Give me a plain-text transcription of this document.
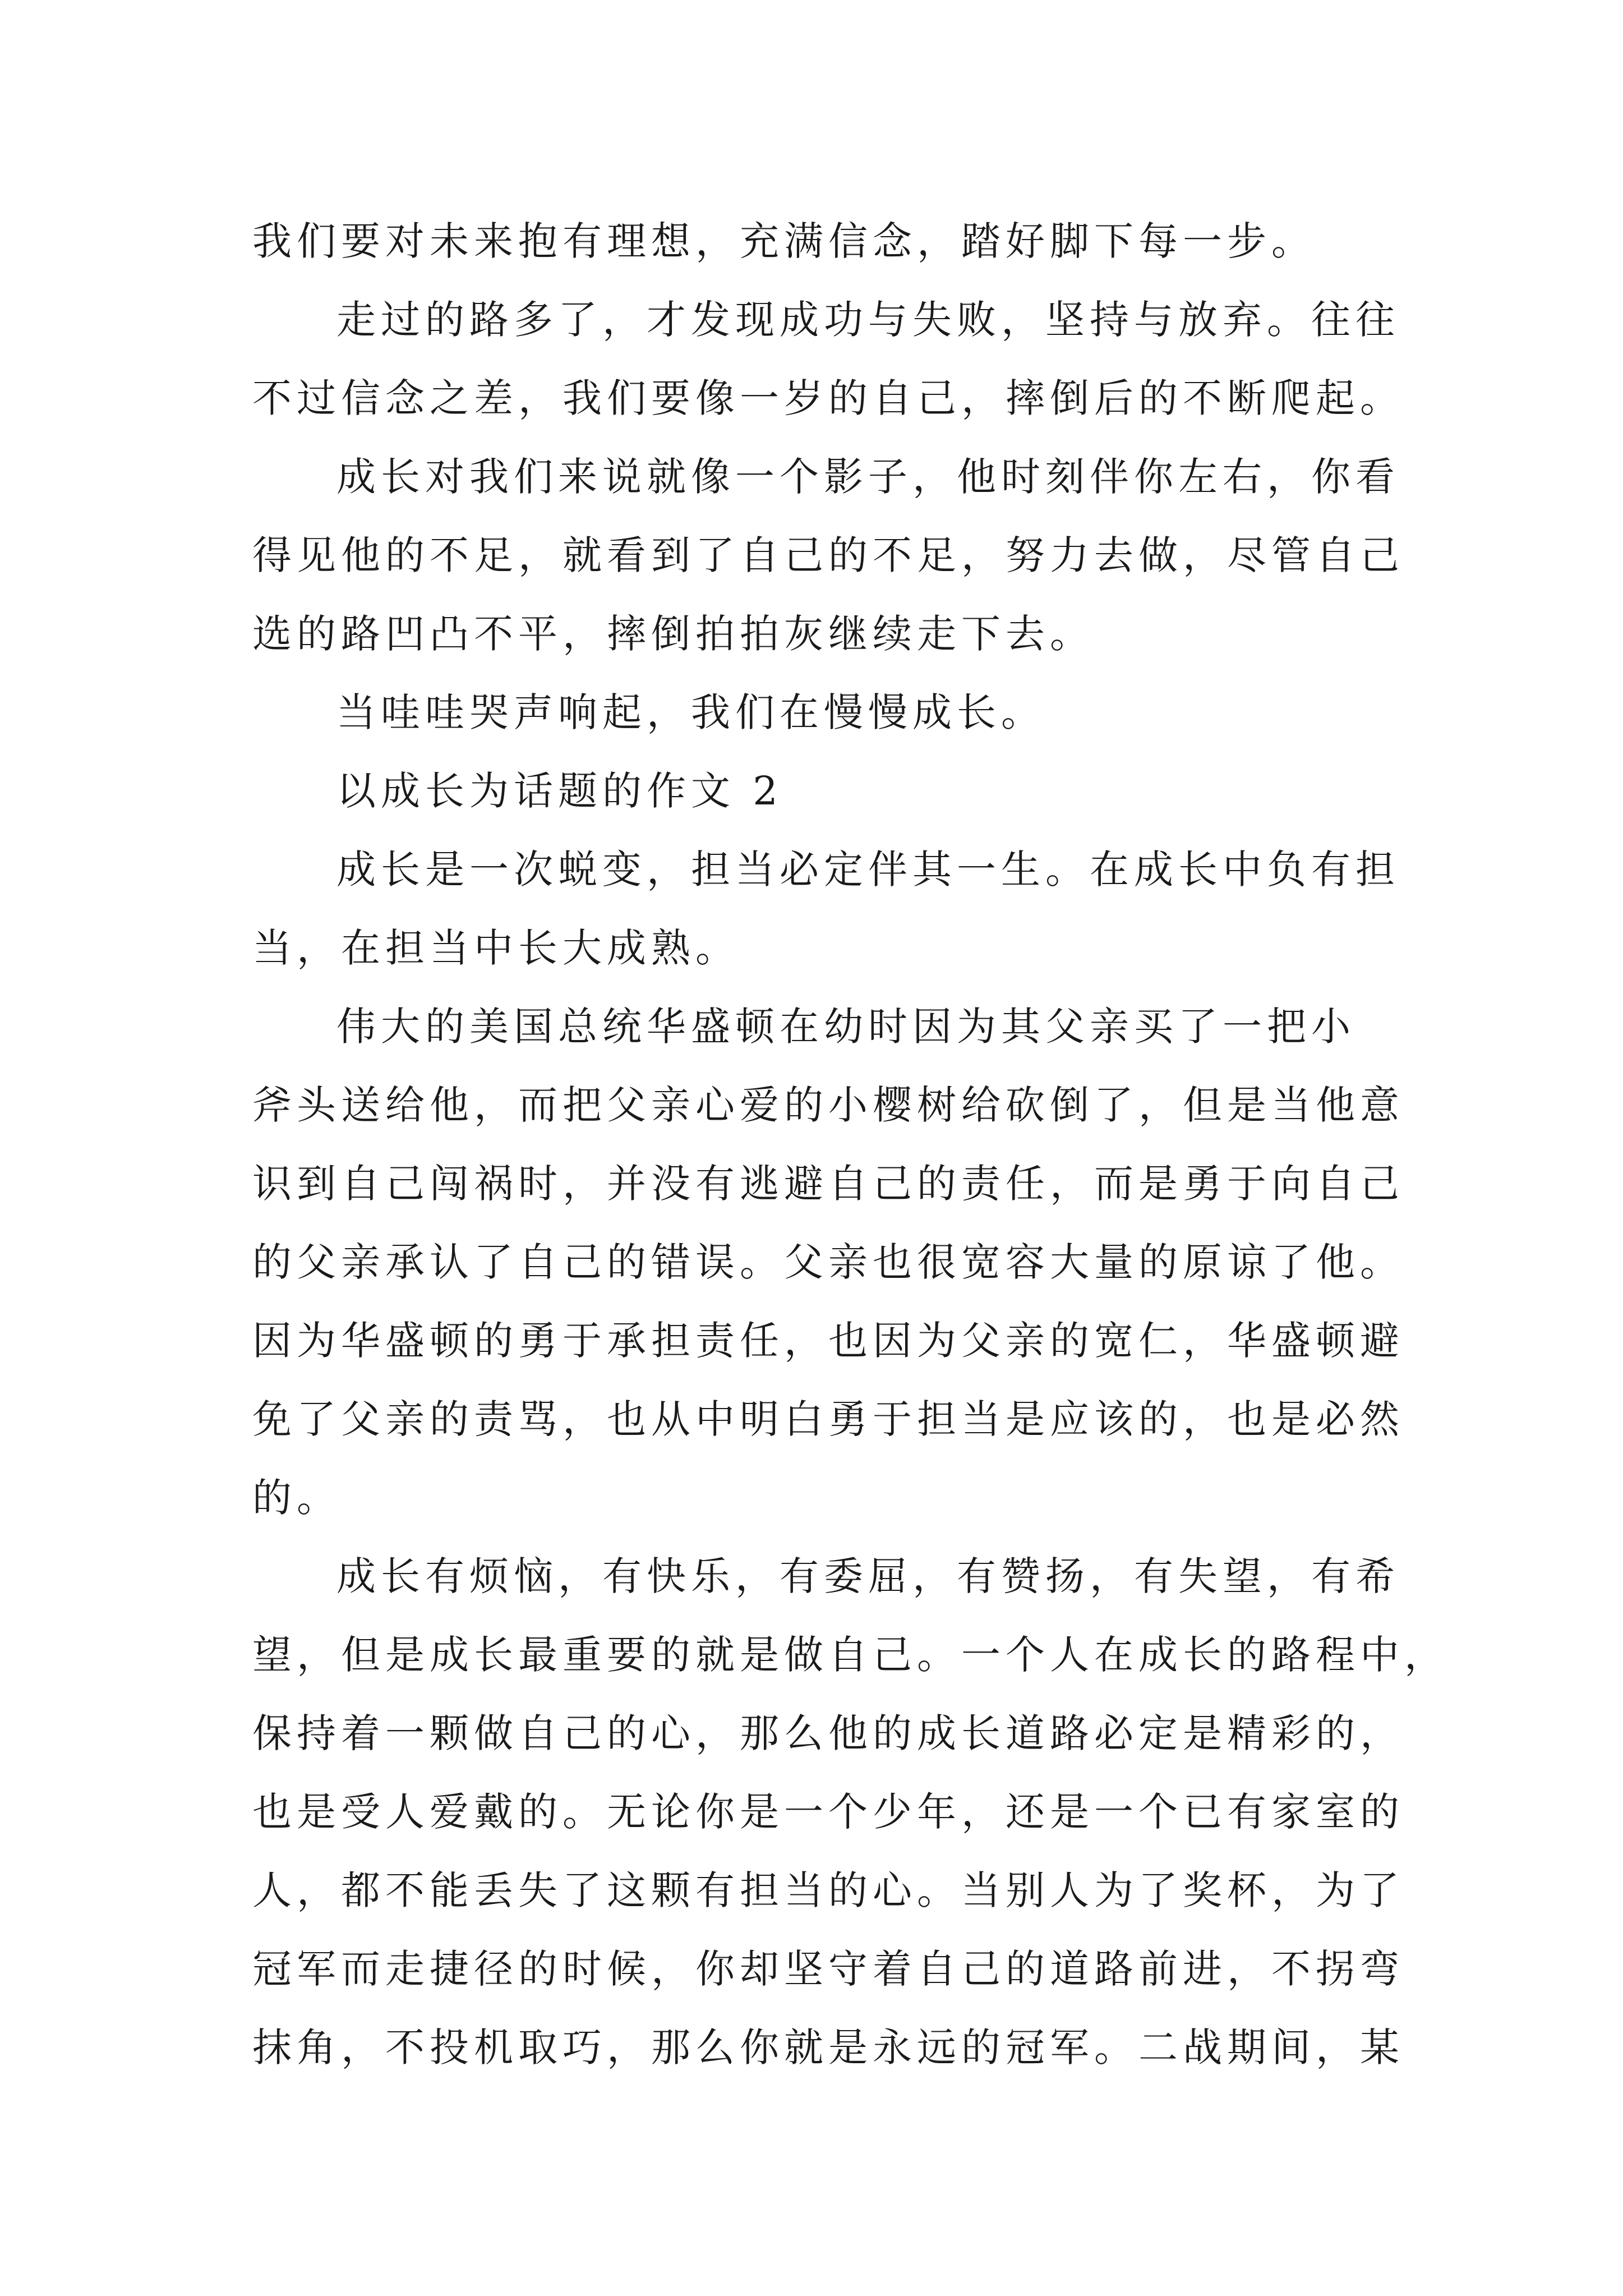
我们要对未来抱有理想，充满信念，踏好脚下每一步。
走过的路多了，才发现成功与失败，坚持与放弃。往往
不过信念之差，我们要像一岁的自己，摔倒后的不断爬起。
成长对我们来说就像一个影子，他时刻伴你左右，你看
得见他的不足，就看到了自己的不足，努力去做，尽管自己
选的路凹凸不平，摔倒拍拍灰继续走下去。
当哇哇哭声响起，我们在慢慢成长。
以成长为话题的作文 2
成长是一次蜕变，担当必定伴其一生。在成长中负有担
当，在担当中长大成熟。
伟大的美国总统华盛顿在幼时因为其父亲买了一把小
斧头送给他，而把父亲心爱的小樱树给砍倒了，但是当他意
识到自己闯祸时，并没有逃避自己的责任，而是勇于向自己
的父亲承认了自己的错误。父亲也很宽容大量的原谅了他。
因为华盛顿的勇于承担责任，也因为父亲的宽仁，华盛顿避
免了父亲的责骂，也从中明白勇于担当是应该的，也是必然
的。
成长有烦恼，有快乐，有委屈，有赞扬，有失望，有希
望，但是成长最重要的就是做自己。一个人在成长的路程中，
保持着一颗做自己的心，那么他的成长道路必定是精彩的，
也是受人爱戴的。无论你是一个少年，还是一个已有家室的
人，都不能丢失了这颗有担当的心。当别人为了奖杯，为了
冠军而走捷径的时候，你却坚守着自己的道路前进，不拐弯
抹角，不投机取巧，那么你就是永远的冠军。二战期间，某
